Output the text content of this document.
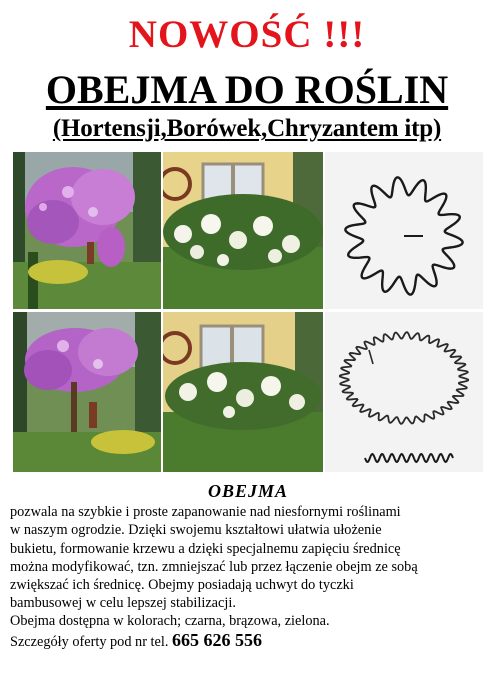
NOWOŚĆ !!!
OBEJMA DO ROŚLIN
(Hortensji,Borówek,Chryzantem itp)
OBEJMA

pozwala na szybkie i proste zapanowanie nad niesfornymi roślinami

w naszym ogrodzie. Dzięki swojemu kształtowi ułatwia ułożenie

bukietu, formowanie krzewu a dzięki specjalnemu zapięciu średnicę

można modyfikować, tzn. zmniejszać lub przez łączenie obejm ze sobą

zwiększać ich średnicę. Obejmy posiadają uchwyt do tyczki

bambusowej w celu lepszej stabilizacji.

Obejma dostępna w kolorach; czarna, brązowa, zielona.

Szczegóły oferty pod nr tel. 665 626 556
